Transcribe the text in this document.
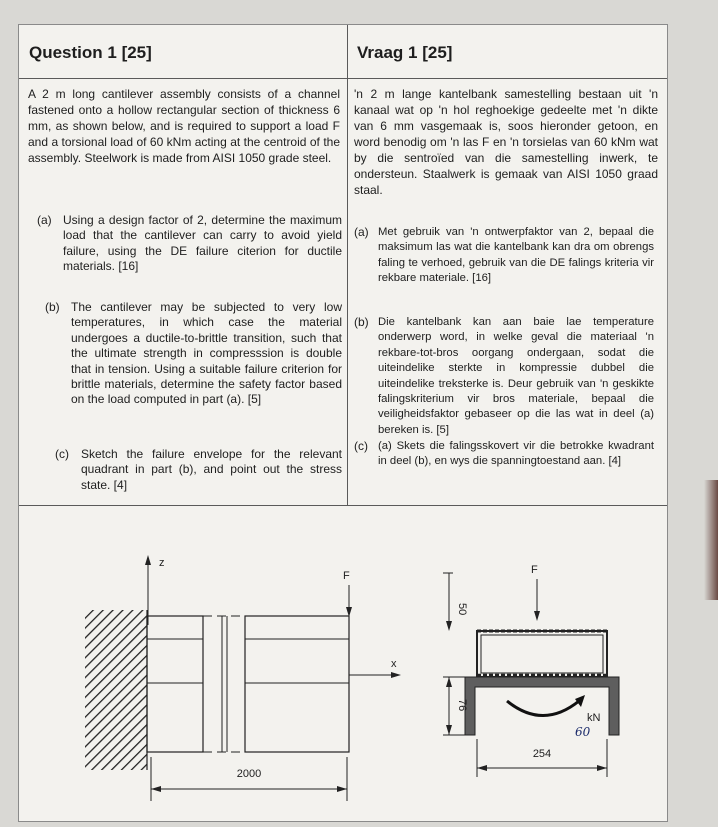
Question 1 [25]
A 2 m long cantilever assembly consists of a channel fastened onto a hollow rectangular section of thickness 6 mm, as shown below, and is required to support a load F and a torsional load of 60 kNm acting at the centroid of the assembly. Steelwork is made from AISI 1050 grade steel.
(a) Using a design factor of 2, determine the maximum load that the cantilever can carry to avoid yield failure, using the DE failure citerion for ductile materials. [16]
(b) The cantilever may be subjected to very low temperatures, in which case the material undergoes a ductile-to-brittle transition, such that the ultimate strength in compresssion is double that in tension. Using a suitable failure criterion for brittle materials, determine the safety factor based on the load computed in part (a). [5]
(c) Sketch the failure envelope for the relevant quadrant in part (b), and point out the stress state. [4]
Vraag 1 [25]
'n 2 m lange kantelbank samestelling bestaan uit 'n kanaal wat op 'n hol reghoekige gedeelte met 'n dikte van 6 mm vasgemaak is, soos hieronder getoon, en word benodig om 'n las F en 'n torsielas van 60 kNm wat by die sentroïed van die samestelling inwerk, te ondersteun. Staalwerk is gemaak van AISI 1050 graad staal.
(a) Met gebruik van 'n ontwerpfaktor van 2, bepaal die maksimum las wat die kantelbank kan dra om obrengs faling te verhoed, gebruik van die DE falings kriteria vir rekbare materiale. [16]
(b) Die kantelbank kan aan baie lae temperature onderwerp word, in welke geval die materiaal 'n rekbare-tot-bros oorgang ondergaan, sodat die uiteindelike sterkte in kompressie dubbel die uiteindelike treksterke is. Deur gebruik van 'n geskikte falingskriterium vir bros materiale, bepaal die veiligheidsfaktor gebaseer op die las wat in deel (a) bereken is. [5]
(c) (a) Skets die falingsskovert vir die betrokke kwadrant in deel (b), en wys die spanningtoestand aan. [4]
z
x
F
2000
F
kN
60
50
76
254
